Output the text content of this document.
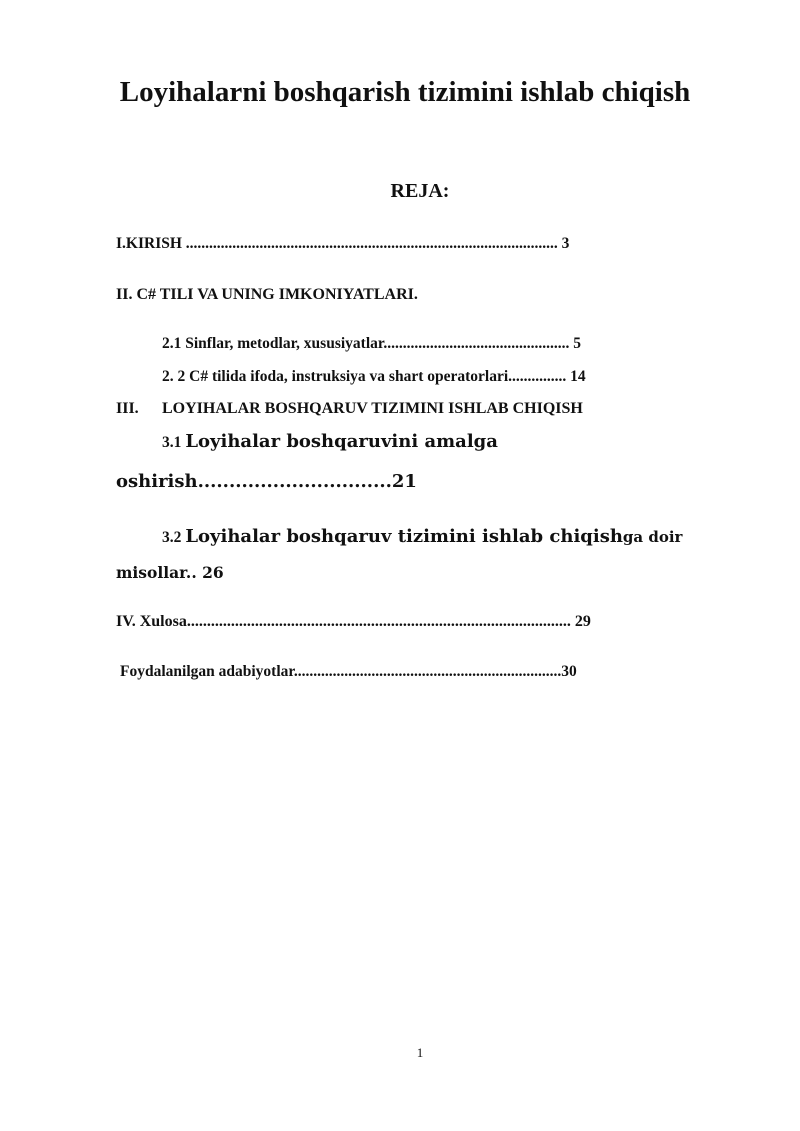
Loyihalarni boshqarish tizimini ishlab chiqish
REJA:
I.KIRISH ................................................................................................ 3
II. C# TILI VA UNING IMKONIYATLARI.
2.1 Sinflar, metodlar, xususiyatlar................................................ 5
2. 2 C# tilida ifoda, instruksiya va shart operatorlari............... 14
III. LOYIHALAR BOSHQARUV TIZIMINI ISHLAB CHIQISH
3.1 Loyihalar boshqaruvini amalga
oshirish...............................21
3.2 Loyihalar boshqaruv tizimini ishlab chiqishga doir
misollar.. 26
IV. Xulosa................................................................................................ 29
Foydalanilgan adabiyotlar.....................................................................30
1
